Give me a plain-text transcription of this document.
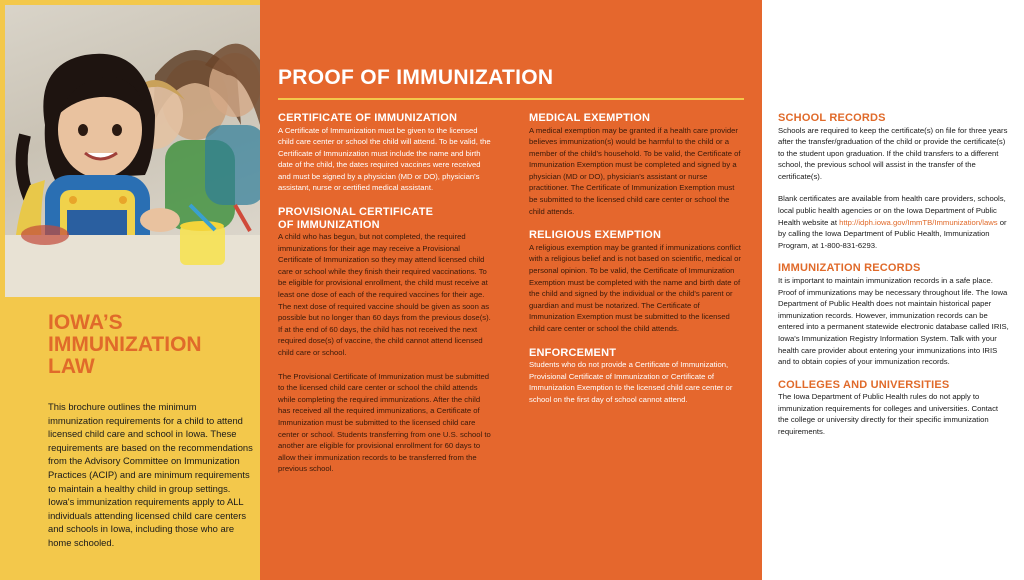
IOWA’S IMMUNIZATION LAW
This brochure outlines the minimum immunization requirements for a child to attend licensed child care and school in Iowa. These requirements are based on the recommendations from the Advisory Committee on Immunization Practices (ACIP) and are minimum requirements to maintain a healthy child in group settings. Iowa's immunization requirements apply to ALL individuals attending licensed child care centers and schools in Iowa, including those who are home schooled.
PROOF OF IMMUNIZATION
CERTIFICATE OF IMMUNIZATION
A Certificate of Immunization must be given to the licensed child care center or school the child will attend. To be valid, the Certificate of Immunization must include the name and birth date of the child, the dates required vaccines were received and must be signed by a physician (MD or DO), physician's assistant, nurse or certified medical assistant.
PROVISIONAL CERTIFICATE OF IMMUNIZATION
A child who has begun, but not completed, the required immunizations for their age may receive a Provisional Certificate of Immunization so they may attend licensed child care or school while they finish their required vaccinations. To be eligible for provisional enrollment, the child must receive at least one dose of each of the required vaccines for their age. The next dose of required vaccine should be given as soon as possible but no longer than 60 days from the previous dose(s). If at the end of 60 days, the child has not received the next required dose(s) of vaccine, the child cannot attend licensed child care or school.
The Provisional Certificate of Immunization must be submitted to the licensed child care center or school the child attends while completing the required immunizations. After the child has received all the required immunizations, a Certificate of Immunization must be submitted to the licensed child care center or school. Students transferring from one U.S. school to another are eligible for provisional enrollment for 60 days to allow their immunization records to be transferred from the previous school.
MEDICAL EXEMPTION
A medical exemption may be granted if a health care provider believes immunization(s) would be harmful to the child or a member of the child's household. To be valid, the Certificate of Immunization Exemption must be completed and signed by a physician (MD or DO), physician's assistant or nurse practitioner. The Certificate of Immunization Exemption must be submitted to the licensed child care center or school the child attends.
RELIGIOUS EXEMPTION
A religious exemption may be granted if immunizations conflict with a religious belief and is not based on scientific, medical or personal opinion. To be valid, the Certificate of Immunization Exemption must be completed with the name and birth date of the child and signed by the individual or the child's parent or guardian and must be notarized. The Certificate of Immunization Exemption must be submitted to the licensed child care center or school the child attends.
ENFORCEMENT
Students who do not provide a Certificate of Immunization, Provisional Certificate of Immunization or Certificate of Immunization Exemption to the licensed child care center or school on the first day of school cannot attend.
SCHOOL RECORDS
Schools are required to keep the certificate(s) on file for three years after the transfer/graduation of the child or provide the certificate(s) to the student upon graduation. If the child transfers to a different school, the previous school will assist in the transfer of the certificate(s).
Blank certificates are available from health care providers, schools, local public health agencies or on the Iowa Department of Public Health website at http://idph.iowa.gov/ImmTB/Immunization/laws or by calling the Iowa Department of Public Health, Immunization Program, at 1-800-831-6293.
IMMUNIZATION RECORDS
It is important to maintain immunization records in a safe place. Proof of immunizations may be necessary throughout life. The Iowa Department of Public Health does not maintain historical paper immunization records. However, immunization records can be entered into a permanent statewide electronic database called IRIS, Iowa's Immunization Registry Information System. Talk with your health care provider about entering your immunizations into IRIS and to obtain copies of your immunization records.
COLLEGES AND UNIVERSITIES
The Iowa Department of Public Health rules do not apply to immunization requirements for colleges and universities. Contact the college or university directly for their specific immunization requirements.
